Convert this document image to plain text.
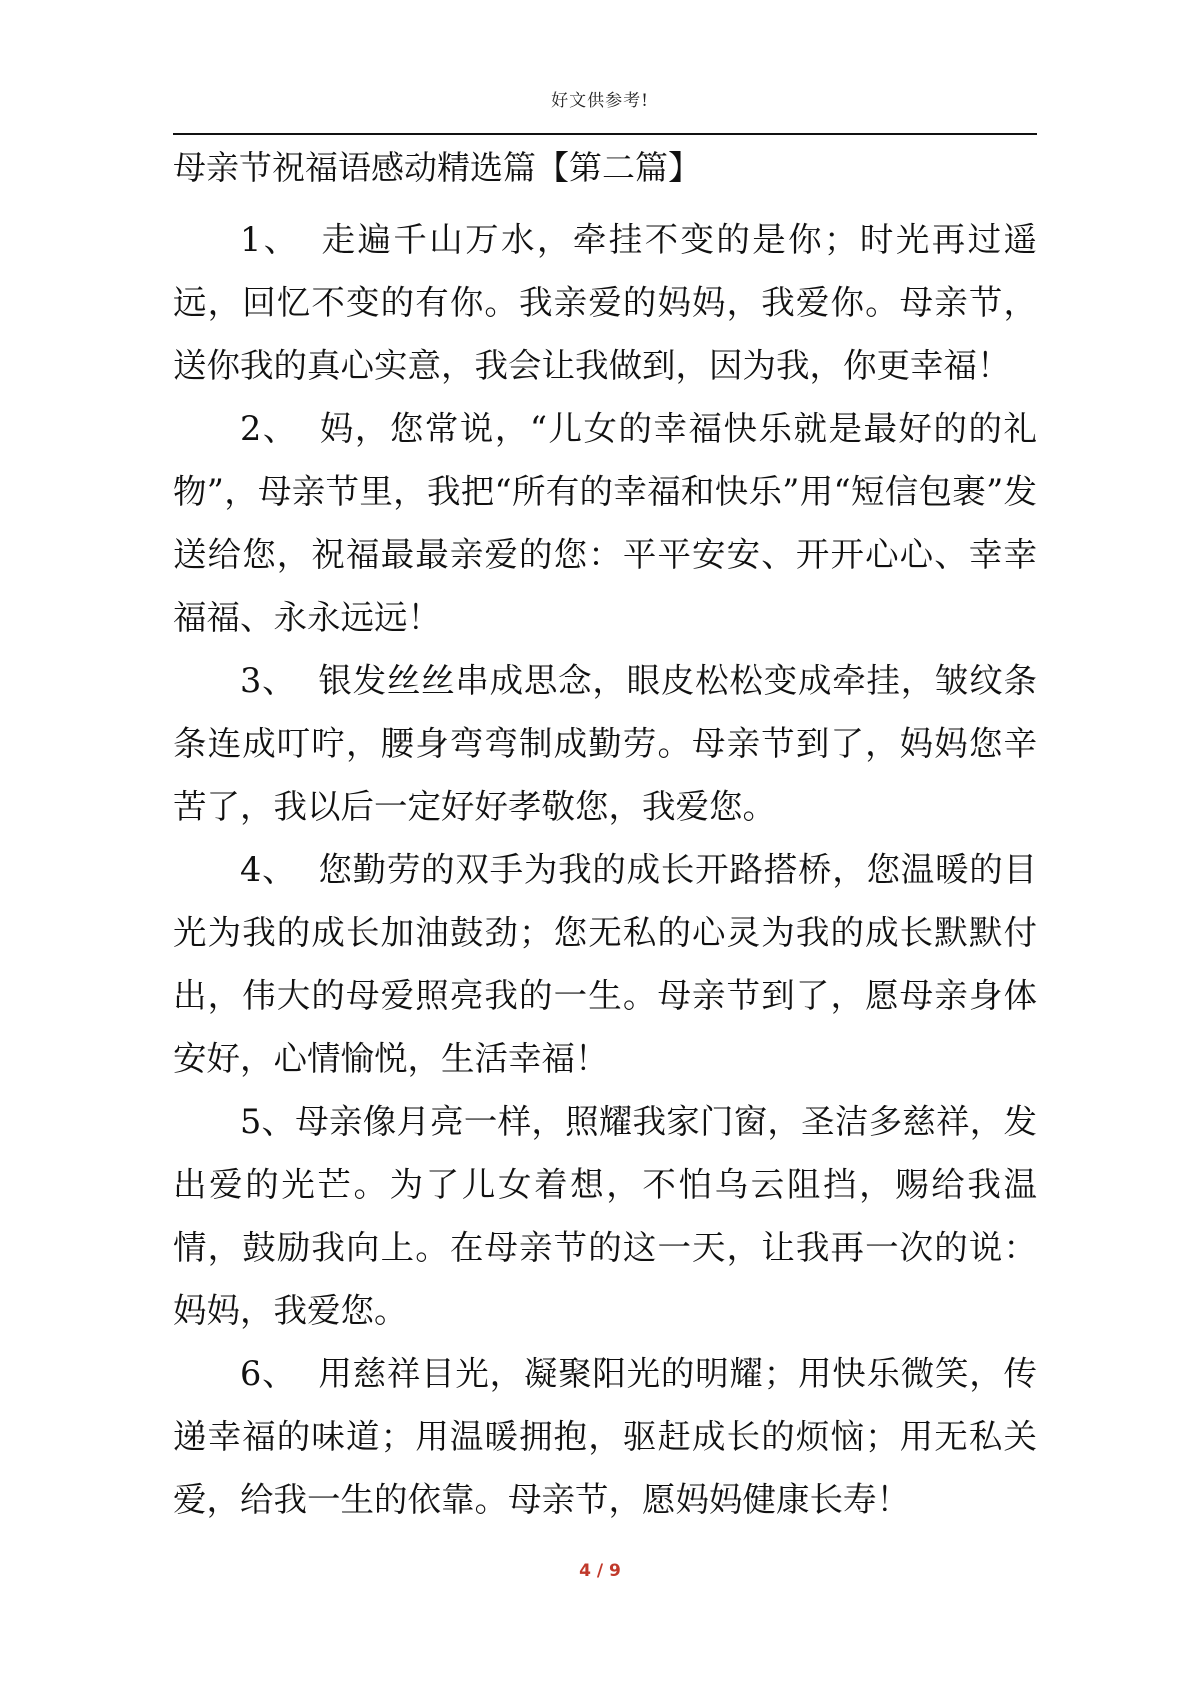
好文供参考!
母亲节祝福语感动精选篇【第二篇】

1、 走遍千山万水，牵挂不变的是你；时光再过遥远，回忆不变的有你。我亲爱的妈妈，我爱你。母亲节，送你我的真心实意，我会让我做到，因为我，你更幸福！

2、 妈，您常说，“儿女的幸福快乐就是最好的的礼物”，母亲节里，我把“所有的幸福和快乐”用“短信包裹”发送给您，祝福最最亲爱的您：平平安安、开开心心、幸幸福福、永永远远！

3、 银发丝丝串成思念，眼皮松松变成牵挂，皱纹条条连成叮咛，腰身弯弯制成勤劳。母亲节到了，妈妈您辛苦了，我以后一定好好孝敬您，我爱您。

4、 您勤劳的双手为我的成长开路搭桥，您温暖的目光为我的成长加油鼓劲；您无私的心灵为我的成长默默付出，伟大的母爱照亮我的一生。母亲节到了，愿母亲身体安好，心情愉悦，生活幸福！

5、母亲像月亮一样，照耀我家门窗，圣洁多慈祥，发出爱的光芒。为了儿女着想，不怕乌云阻挡，赐给我温情，鼓励我向上。在母亲节的这一天，让我再一次的说：妈妈，我爱您。

6、 用慈祥目光，凝聚阳光的明耀；用快乐微笑，传递幸福的味道；用温暖拥抱，驱赶成长的烦恼；用无私关爱，给我一生的依靠。母亲节，愿妈妈健康长寿！

4 / 9
